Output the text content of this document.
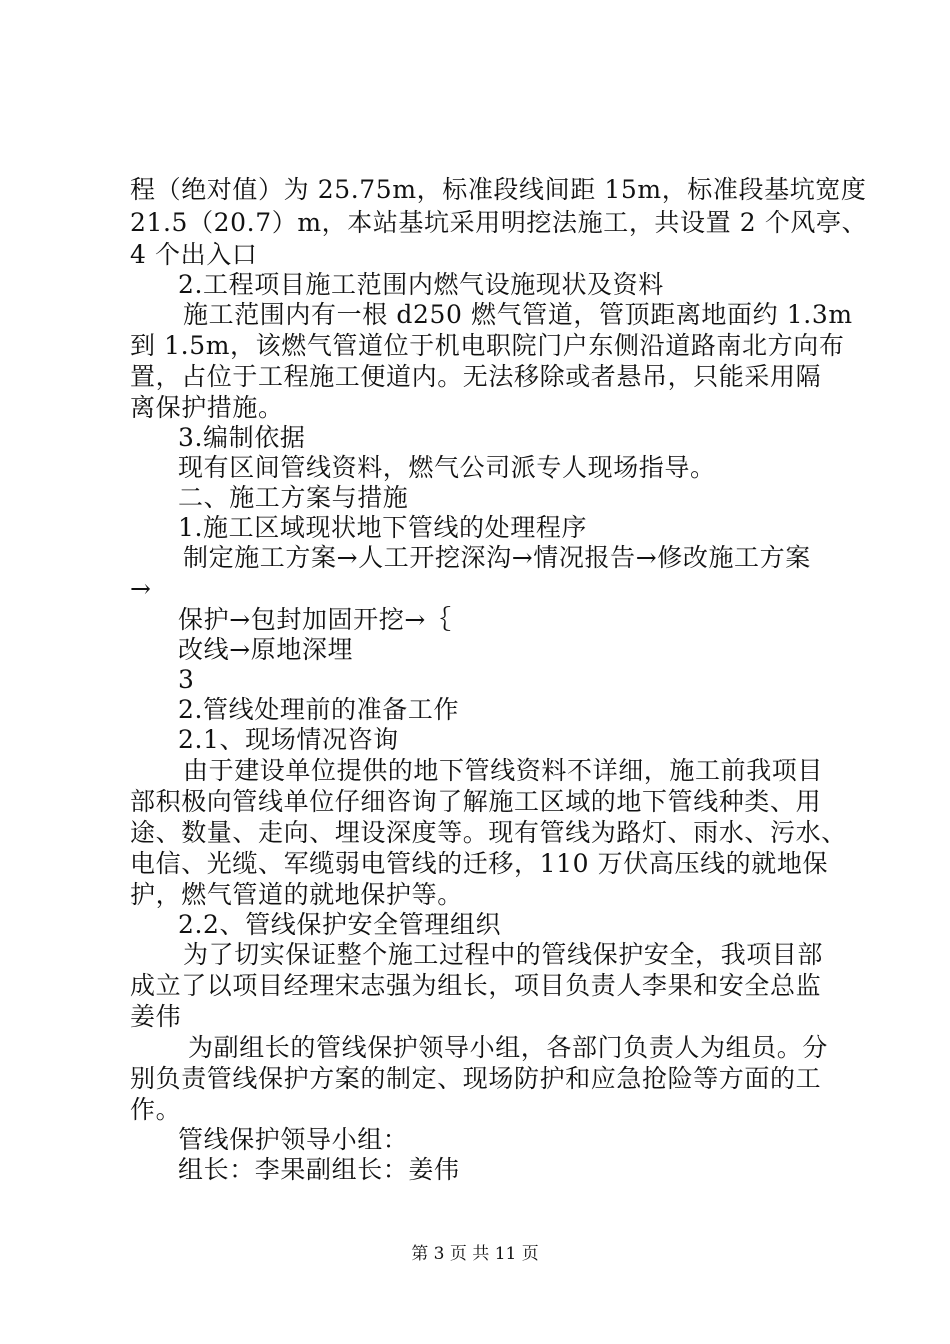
程（绝对值）为 25.75m，标准段线间距 15m，标准段基坑宽度
21.5（20.7）m，本站基坑采用明挖法施工，共设置 2 个风亭、
4 个出入口
2.工程项目施工范围内燃气设施现状及资料
施工范围内有一根 d250 燃气管道，管顶距离地面约 1.3m
到 1.5m，该燃气管道位于机电职院门户东侧沿道路南北方向布
置，占位于工程施工便道内。无法移除或者悬吊，只能采用隔
离保护措施。
3.编制依据
现有区间管线资料，燃气公司派专人现场指导。
二、施工方案与措施
1.施工区域现状地下管线的处理程序
制定施工方案→人工开挖深沟→情况报告→修改施工方案
→
保护→包封加固开挖→｛
改线→原地深埋
3
2.管线处理前的准备工作
2.1、现场情况咨询
由于建设单位提供的地下管线资料不详细，施工前我项目
部积极向管线单位仔细咨询了解施工区域的地下管线种类、用
途、数量、走向、埋设深度等。现有管线为路灯、雨水、污水、
电信、光缆、军缆弱电管线的迁移，110 万伏高压线的就地保
护，燃气管道的就地保护等。
2.2、管线保护安全管理组织
为了切实保证整个施工过程中的管线保护安全，我项目部
成立了以项目经理宋志强为组长，项目负责人李果和安全总监
姜伟
为副组长的管线保护领导小组，各部门负责人为组员。分
别负责管线保护方案的制定、现场防护和应急抢险等方面的工
作。
管线保护领导小组：
组长：李果副组长：姜伟
第 3 页 共 11 页
